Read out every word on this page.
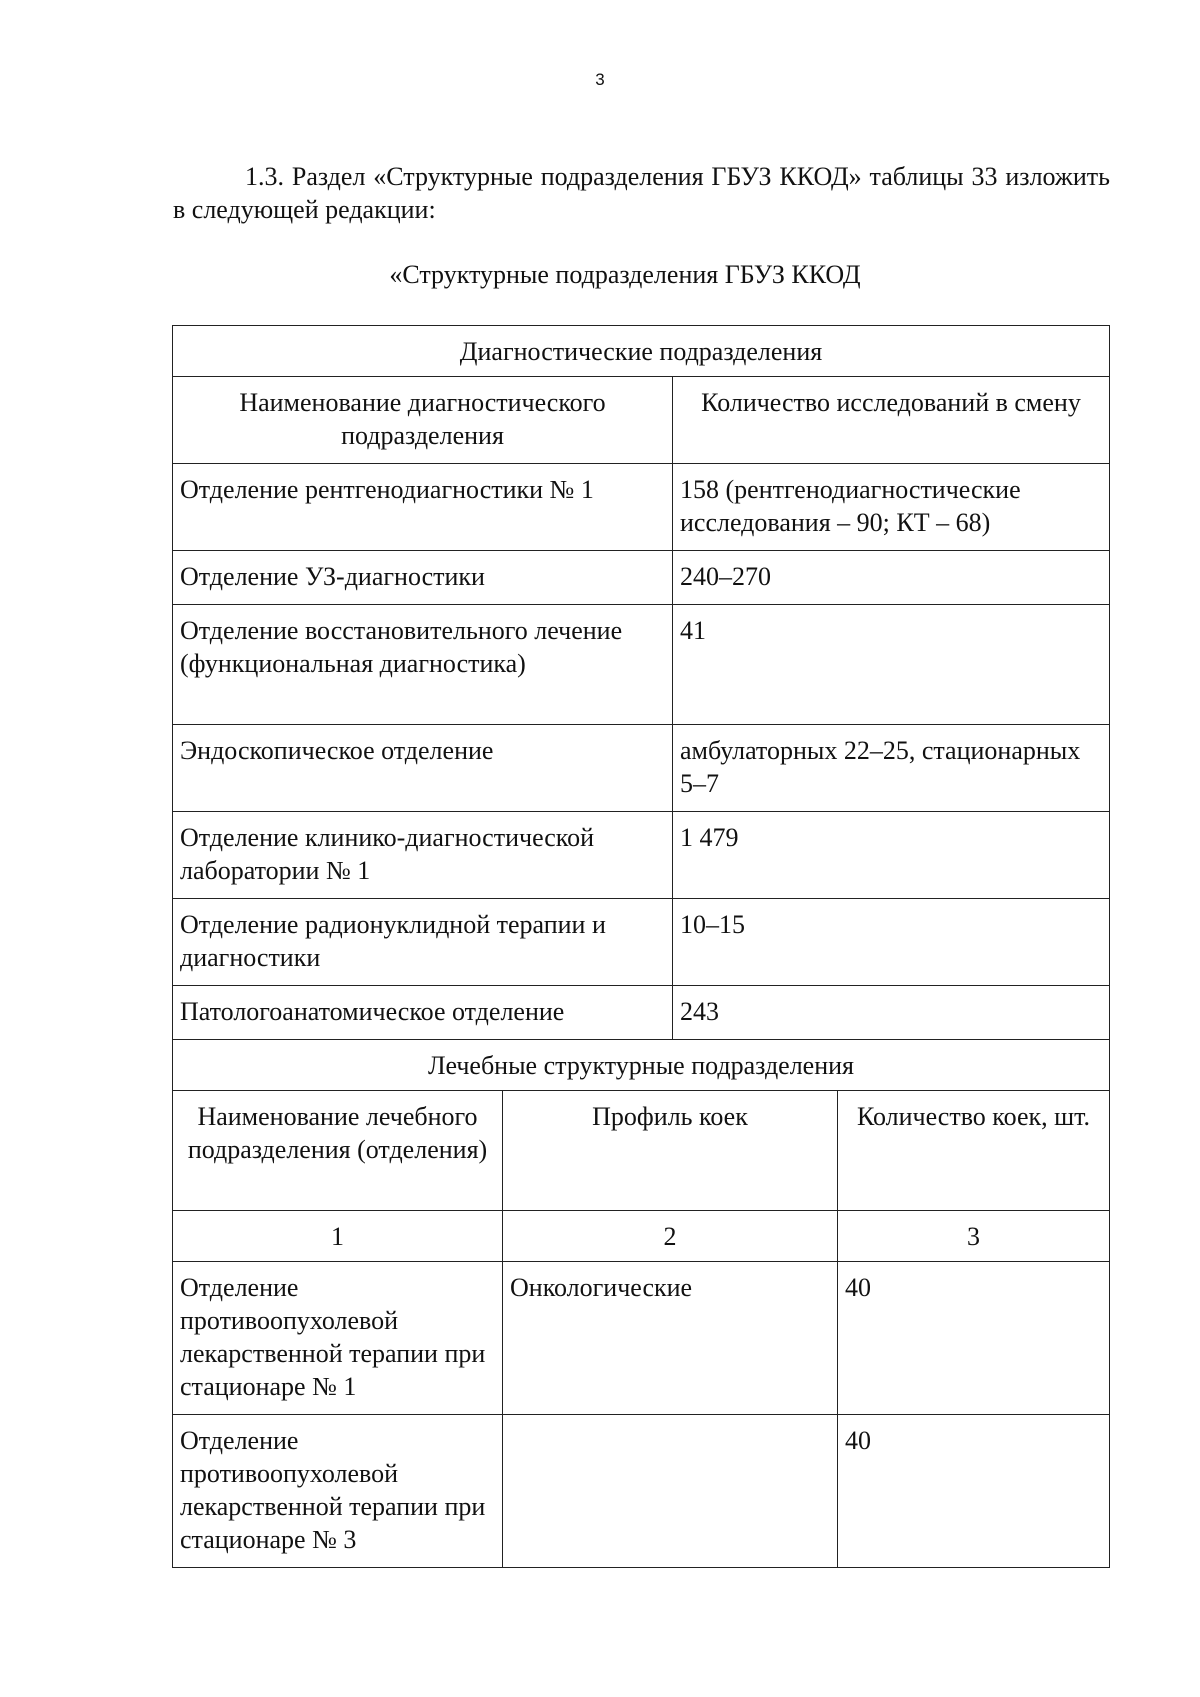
3

1.3. Раздел «Структурные подразделения ГБУЗ ККОД» таблицы 33 изложить в следующей редакции:

«Структурные подразделения ГБУЗ ККОД
Диагностические подразделения			
Наименование диагностического подразделения		Количество исследований в смену	
Отделение рентгенодиагностики № 1		158 (рентгенодиагностические исследования – 90; КТ – 68)	
Отделение УЗ-диагностики		240–270	
Отделение восстановительного лечение (функциональная диагностика)		41	
Эндоскопическое отделение		амбулаторных 22–25, стационарных 5–7	
Отделение клинико-диагностической лаборатории № 1		1 479	
Отделение радионуклидной терапии и диагностики		10–15	
Патологоанатомическое отделение		243	
Лечебные структурные подразделения			
Наименование лечебного подразделения (отделения)	Профиль коек		Количество коек, шт.
1	2		3
Отделение противоопухолевой лекарственной терапии при стационаре № 1	Онкологические		40
Отделение противоопухолевой лекарственной терапии при стационаре № 3			40
